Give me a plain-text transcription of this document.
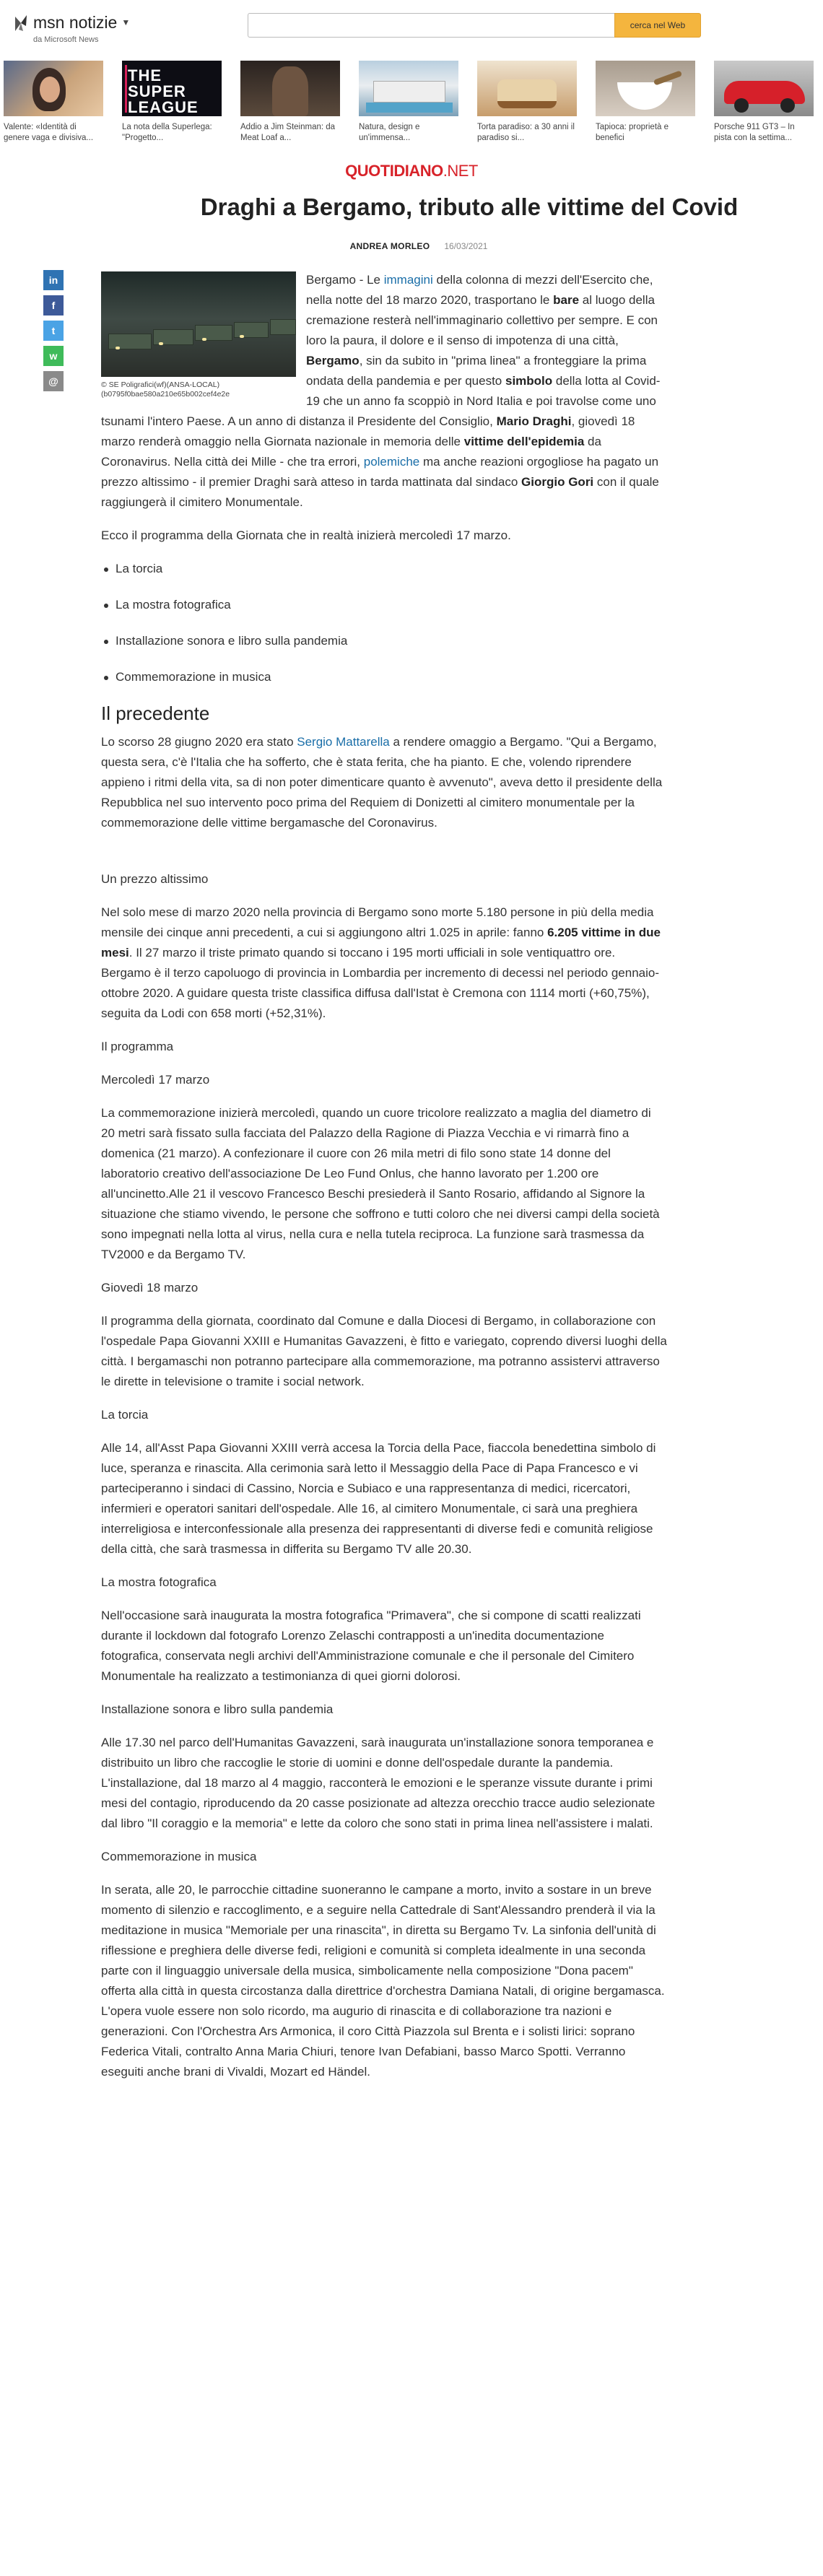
msn notizie ▼
da Microsoft News
cerca nel Web
Valente: «Identità di genere vaga e divisiva...
THE
SUPER
LEAGUE
La nota della Superlega: "Progetto...
Addio a Jim Steinman: da Meat Loaf a...
Natura, design e un'immensa...
Torta paradiso: a 30 anni il paradiso si...
Tapioca: proprietà e benefici
Porsche 911 GT3 – In pista con la settima...
QUOTIDIANO.NET
Draghi a Bergamo, tributo alle vittime del Covid
ANDREA MORLEO 16/03/2021
in
f
t
w
@	© SE Poligrafici(wf)(ANSA-LOCAL)(b0795f0bae580a210e65b002cef4e2e

Bergamo - Le immagini della colonna di mezzi dell'Esercito che, nella notte del 18 marzo 2020, trasportano le bare al luogo della cremazione resterà nell'immaginario collettivo per sempre. E con loro la paura, il dolore e il senso di impotenza di una città, Bergamo, sin da subito in "prima linea" a fronteggiare la prima ondata della pandemia e per questo simbolo della lotta al Covid-19 che un anno fa scoppiò in Nord Italia e poi travolse come uno tsunami l'intero Paese. A un anno di distanza il Presidente del Consiglio, Mario Draghi, giovedì 18 marzo renderà omaggio nella Giornata nazionale in memoria delle vittime dell'epidemia da Coronavirus. Nella città dei Mille - che tra errori, polemiche ma anche reazioni orgogliose ha pagato un prezzo altissimo - il premier Draghi sarà atteso in tarda mattinata dal sindaco Giorgio Gori con il quale raggiungerà il cimitero Monumentale.

Ecco il programma della Giornata che in realtà inizierà mercoledì 17 marzo.

La torcia
La mostra fotografica
Installazione sonora e libro sulla pandemia
Commemorazione in musica
Il precedente

Lo scorso 28 giugno 2020 era stato Sergio Mattarella a rendere omaggio a Bergamo. "Qui a Bergamo, questa sera, c'è l'Italia che ha sofferto, che è stata ferita, che ha pianto. E che, volendo riprendere appieno i ritmi della vita, sa di non poter dimenticare quanto è avvenuto", aveva detto il presidente della Repubblica nel suo intervento poco prima del Requiem di Donizetti al cimitero monumentale per la commemorazione delle vittime bergamasche del Coronavirus.

Un prezzo altissimo

Nel solo mese di marzo 2020 nella provincia di Bergamo sono morte 5.180 persone in più della media mensile dei cinque anni precedenti, a cui si aggiungono altri 1.025 in aprile: fanno 6.205 vittime in due mesi. Il 27 marzo il triste primato quando si toccano i 195 morti ufficiali in sole ventiquattro ore. Bergamo è il terzo capoluogo di provincia in Lombardia per incremento di decessi nel periodo gennaio-ottobre 2020. A guidare questa triste classifica diffusa dall'Istat è Cremona con 1114 morti (+60,75%), seguita da Lodi con 658 morti (+52,31%).

Il programma
Mercoledì 17 marzo

La commemorazione inizierà mercoledì, quando un cuore tricolore realizzato a maglia del diametro di 20 metri sarà fissato sulla facciata del Palazzo della Ragione di Piazza Vecchia e vi rimarrà fino a domenica (21 marzo). A confezionare il cuore con 26 mila metri di filo sono state 14 donne del laboratorio creativo dell'associazione De Leo Fund Onlus, che hanno lavorato per 1.200 ore all'uncinetto.Alle 21 il vescovo Francesco Beschi presiederà il Santo Rosario, affidando al Signore la situazione che stiamo vivendo, le persone che soffrono e tutti coloro che nei diversi campi della società sono impegnati nella lotta al virus, nella cura e nella tutela reciproca. La funzione sarà trasmessa da TV2000 e da Bergamo TV.

Giovedì 18 marzo

Il programma della giornata, coordinato dal Comune e dalla Diocesi di Bergamo, in collaborazione con l'ospedale Papa Giovanni XXIII e Humanitas Gavazzeni, è fitto e variegato, coprendo diversi luoghi della città. I bergamaschi non potranno partecipare alla commemorazione, ma potranno assistervi attraverso le dirette in televisione o tramite i social network.

La torcia

Alle 14, all'Asst Papa Giovanni XXIII verrà accesa la Torcia della Pace, fiaccola benedettina simbolo di luce, speranza e rinascita. Alla cerimonia sarà letto il Messaggio della Pace di Papa Francesco e vi parteciperanno i sindaci di Cassino, Norcia e Subiaco e una rappresentanza di medici, ricercatori, infermieri e operatori sanitari dell'ospedale. Alle 16, al cimitero Monumentale, ci sarà una preghiera interreligiosa e interconfessionale alla presenza dei rappresentanti di diverse fedi e comunità religiose della città, che sarà trasmessa in differita su Bergamo TV alle 20.30.

La mostra fotografica

Nell'occasione sarà inaugurata la mostra fotografica "Primavera", che si compone di scatti realizzati durante il lockdown dal fotografo Lorenzo Zelaschi contrapposti a un'inedita documentazione fotografica, conservata negli archivi dell'Amministrazione comunale e che il personale del Cimitero Monumentale ha realizzato a testimonianza di quei giorni dolorosi.

Installazione sonora e libro sulla pandemia

Alle 17.30 nel parco dell'Humanitas Gavazzeni, sarà inaugurata un'installazione sonora temporanea e distribuito un libro che raccoglie le storie di uomini e donne dell'ospedale durante la pandemia. L'installazione, dal 18 marzo al 4 maggio, racconterà le emozioni e le speranze vissute durante i primi mesi del contagio, riproducendo da 20 casse posizionate ad altezza orecchio tracce audio selezionate dal libro "Il coraggio e la memoria" e lette da coloro che sono stati in prima linea nell'assistere i malati.

Commemorazione in musica

In serata, alle 20, le parrocchie cittadine suoneranno le campane a morto, invito a sostare in un breve momento di silenzio e raccoglimento, e a seguire nella Cattedrale di Sant'Alessandro prenderà il via la meditazione in musica "Memoriale per una rinascita", in diretta su Bergamo Tv. La sinfonia dell'unità di riflessione e preghiera delle diverse fedi, religioni e comunità si completa idealmente in una seconda parte con il linguaggio universale della musica, simbolicamente nella composizione "Dona pacem" offerta alla città in questa circostanza dalla direttrice d'orchestra Damiana Natali, di origine bergamasca. L'opera vuole essere non solo ricordo, ma augurio di rinascita e di collaborazione tra nazioni e generazioni. Con l'Orchestra Ars Armonica, il coro Città Piazzola sul Brenta e i solisti lirici: soprano Federica Vitali, contralto Anna Maria Chiuri, tenore Ivan Defabiani, basso Marco Spotti. Verranno eseguiti anche brani di Vivaldi, Mozart ed Händel.
